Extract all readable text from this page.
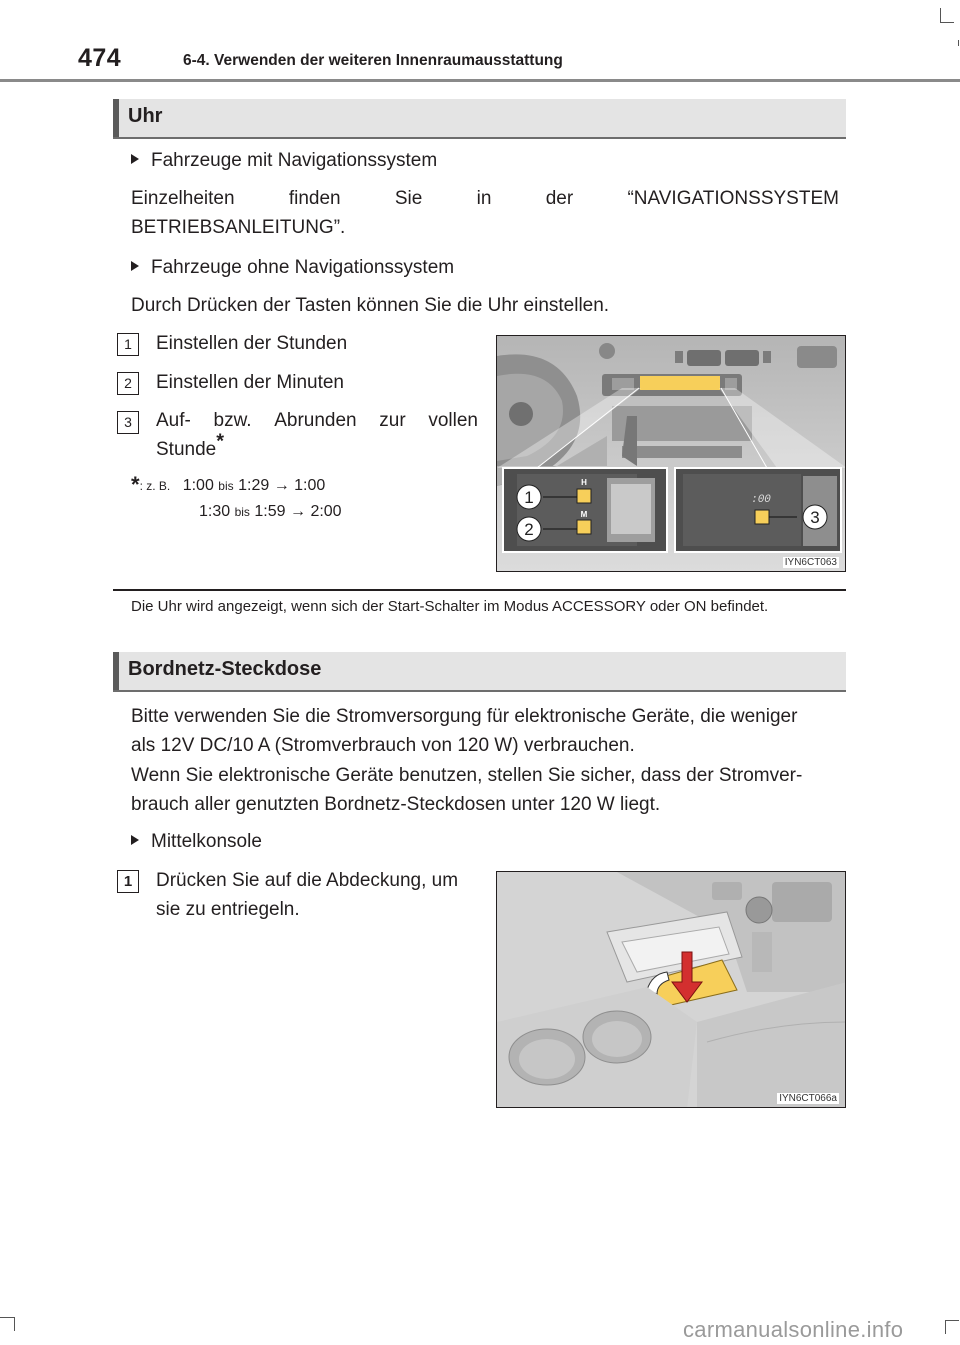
474	6-4. Verwenden der weiteren Innenraumausstattung
Uhr
Fahrzeuge mit Navigationssystem
Einzelheiten	finden	Sie	in	der	“NAVIGATIONSSYSTEM
BETRIEBSANLEITUNG”.
Fahrzeuge ohne Navigationssystem
Durch Drücken der Tasten können Sie die Uhr einstellen.
1	Einstellen der Stunden
2	Einstellen der Minuten
3	Auf- bzw. Abrunden zur vollen
Stunde*
*: z. B. 1:00 bis 1:29 → 1:00
1:30 bis 1:59 → 2:00
1
2
3
H
M
:00
IYN6CT063
Die Uhr wird angezeigt, wenn sich der Start-Schalter im Modus ACCESSORY oder ON befindet.
Bordnetz-Steckdose
Bitte verwenden Sie die Stromversorgung für elektronische Geräte, die weniger
als 12V DC/10 A (Stromverbrauch von 120 W) verbrauchen.
Wenn Sie elektronische Geräte benutzen, stellen Sie sicher, dass der Stromver-
brauch aller genutzten Bordnetz-Steckdosen unter 120 W liegt.
Mittelkonsole
1	Drücken Sie auf die Abdeckung, um
sie zu entriegeln.
IYN6CT066a
carmanualsonline.info
